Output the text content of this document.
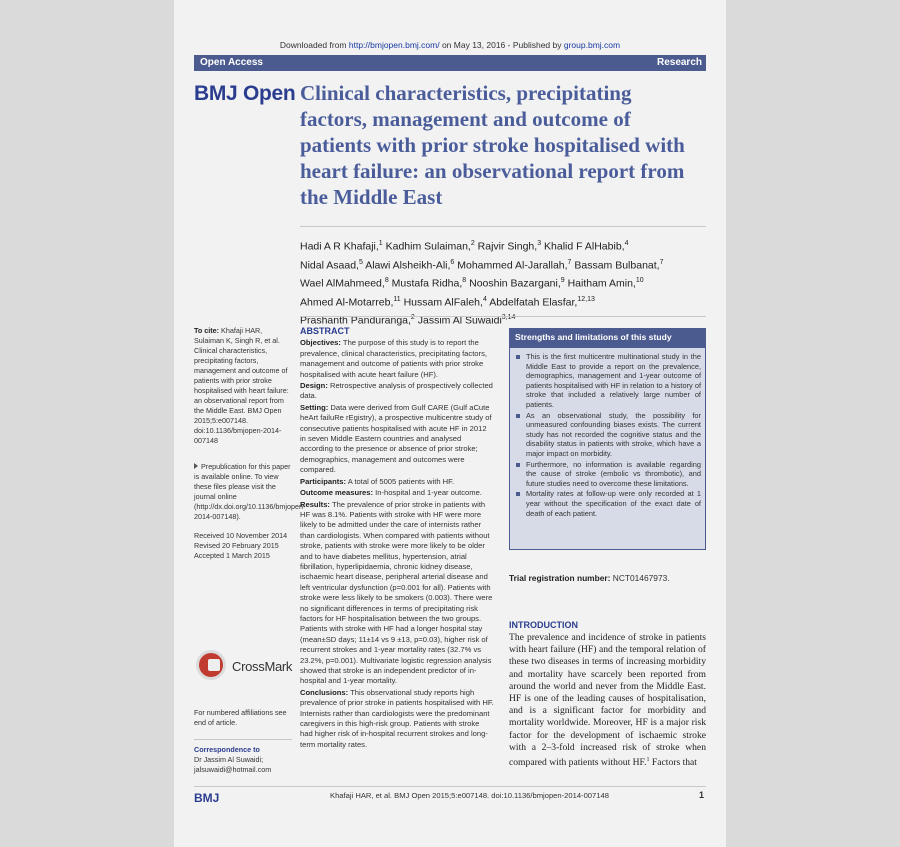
Downloaded from http://bmjopen.bmj.com/ on May 13, 2016 - Published by group.bmj.com
Open Access	Research
BMJ Open Clinical characteristics, precipitating factors, management and outcome of patients with prior stroke hospitalised with heart failure: an observational report from the Middle East
Hadi A R Khafaji,$^1$ Kadhim Sulaiman,$^2$ Rajvir Singh,$^3$ Khalid F AlHabib,$^4$
Nidal Asaad,$^5$ Alawi Alsheikh-Ali,$^6$ Mohammed Al-Jarallah,$^7$ Bassam Bulbanat,$^7$
Wael AlMahmeed,$^8$ Mustafa Ridha,$^8$ Nooshin Bazargani,$^9$ Haitham Amin,$^{10}$
Ahmed Al-Motarreb,$^{11}$ Hussam AlFaleh,$^4$ Abdelfatah Elasfar,$^{12,13}$
Prashanth Panduranga,$^2$ Jassim Al Suwaidi$^{3,14}$
To cite: Khafaji HAR, Sulaiman K, Singh R, et al. Clinical characteristics, precipitating factors, management and outcome of patients with prior stroke hospitalised with heart failure: an observational report from the Middle East. BMJ Open 2015;5:e007148. doi:10.1136/bmjopen-2014-007148
Prepublication for this paper is available online. To view these files please visit the journal online (http://dx.doi.org/10.1136/bmjopen-2014-007148).
Received 10 November 2014
Revised 20 February 2015
Accepted 1 March 2015
CrossMark
For numbered affiliations see end of article.
Correspondence to
Dr Jassim Al Suwaidi;
jalsuwaidi@hotmail.com
ABSTRACT

Objectives: The purpose of this study is to report the prevalence, clinical characteristics, precipitating factors, management and outcome of patients with prior stroke hospitalised with acute heart failure (HF).

Design: Retrospective analysis of prospectively collected data.

Setting: Data were derived from Gulf CARE (Gulf aCute heArt failuRe rEgistry), a prospective multicentre study of consecutive patients hospitalised with acute HF in 2012 in seven Middle Eastern countries and analysed according to the presence or absence of prior stroke; demographics, management and outcomes were compared.

Participants: A total of 5005 patients with HF.

Outcome measures: In-hospital and 1-year outcome.

Results: The prevalence of prior stroke in patients with HF was 8.1%. Patients with stroke with HF were more likely to be admitted under the care of internists rather than cardiologists. When compared with patients without stroke, patients with stroke were more likely to be older and to have diabetes mellitus, hypertension, atrial fibrillation, hyperlipidaemia, chronic kidney disease, ischaemic heart disease, peripheral arterial disease and left ventricular dysfunction (p=0.001 for all). Patients with stroke were less likely to be smokers (0.003). There were no significant differences in terms of precipitating risk factors for HF hospitalisation between the two groups. Patients with stroke with HF had a longer hospital stay (mean±SD days; 11±14 vs 9 ±13, p=0.03), higher risk of recurrent strokes and 1-year mortality rates (32.7% vs 23.2%, p=0.001). Multivariate logistic regression analysis showed that stroke is an independent predictor of in-hospital and 1-year mortality.

Conclusions: This observational study reports high prevalence of prior stroke in patients hospitalised with HF. Internists rather than cardiologists were the predominant caregivers in this high-risk group. Patients with stroke had higher risk of in-hospital recurrent strokes and long-term mortality rates.

Strengths and limitations of this study
This is the first multicentre multinational study in the Middle East to provide a report on the prevalence, demographics, management and 1-year outcome of patients hospitalised with HF in relation to a history of stroke that included a relatively large number of patients.
As an observational study, the possibility for unmeasured confounding biases exists. The current study has not recorded the cognitive status and the disability status in patients with stroke, which have a major impact on morbidity.
Furthermore, no information is available regarding the cause of stroke (embolic vs thrombotic), and future studies need to overcome these limitations.
Mortality rates at follow-up were only recorded at 1 year without the specification of the exact date of death of each patient.
Trial registration number: NCT01467973.
INTRODUCTION

The prevalence and incidence of stroke in patients with heart failure (HF) and the temporal relation of these two diseases in terms of increasing morbidity and mortality have scarcely been reported from around the world and never from the Middle East. HF is one of the leading causes of hospitalisation, and is a significant factor for morbidity and mortality worldwide. Moreover, HF is a major risk factor for the development of ischaemic stroke with a 2–3-fold increased risk of stroke when compared with patients without HF.$^1$ Factors that

BMJ	Khafaji HAR, et al. BMJ Open 2015;5:e007148. doi:10.1136/bmjopen-2014-007148	1
